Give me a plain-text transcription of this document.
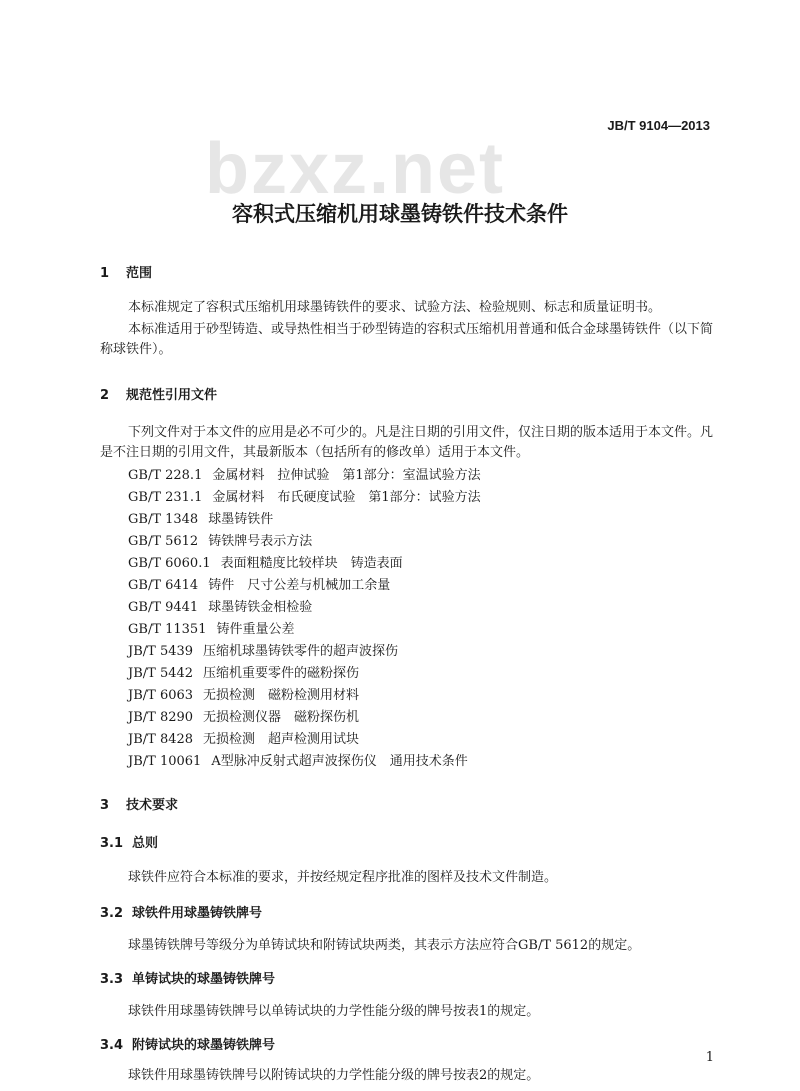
JB/T 9104—2013
bzxz.net
容积式压缩机用球墨铸铁件技术条件
1 范围
本标准规定了容积式压缩机用球墨铸铁件的要求、试验方法、检验规则、标志和质量证明书。
本标准适用于砂型铸造、或导热性相当于砂型铸造的容积式压缩机用普通和低合金球墨铸铁件（以下简称球铁件）。
2 规范性引用文件
下列文件对于本文件的应用是必不可少的。凡是注日期的引用文件，仅注日期的版本适用于本文件。凡是不注日期的引用文件，其最新版本（包括所有的修改单）适用于本文件。
GB/T 228.1 金属材料　拉伸试验　第1部分：室温试验方法
GB/T 231.1 金属材料　布氏硬度试验　第1部分：试验方法
GB/T 1348 球墨铸铁件
GB/T 5612 铸铁牌号表示方法
GB/T 6060.1 表面粗糙度比较样块　铸造表面
GB/T 6414 铸件　尺寸公差与机械加工余量
GB/T 9441 球墨铸铁金相检验
GB/T 11351 铸件重量公差
JB/T 5439 压缩机球墨铸铁零件的超声波探伤
JB/T 5442 压缩机重要零件的磁粉探伤
JB/T 6063 无损检测　磁粉检测用材料
JB/T 8290 无损检测仪器　磁粉探伤机
JB/T 8428 无损检测　超声检测用试块
JB/T 10061 A型脉冲反射式超声波探伤仪　通用技术条件
3 技术要求
3.1 总则
球铁件应符合本标准的要求，并按经规定程序批准的图样及技术文件制造。
3.2 球铁件用球墨铸铁牌号
球墨铸铁牌号等级分为单铸试块和附铸试块两类，其表示方法应符合GB/T 5612的规定。
3.3 单铸试块的球墨铸铁牌号
球铁件用球墨铸铁牌号以单铸试块的力学性能分级的牌号按表1的规定。
3.4 附铸试块的球墨铸铁牌号
球铁件用球墨铸铁牌号以附铸试块的力学性能分级的牌号按表2的规定。
1
